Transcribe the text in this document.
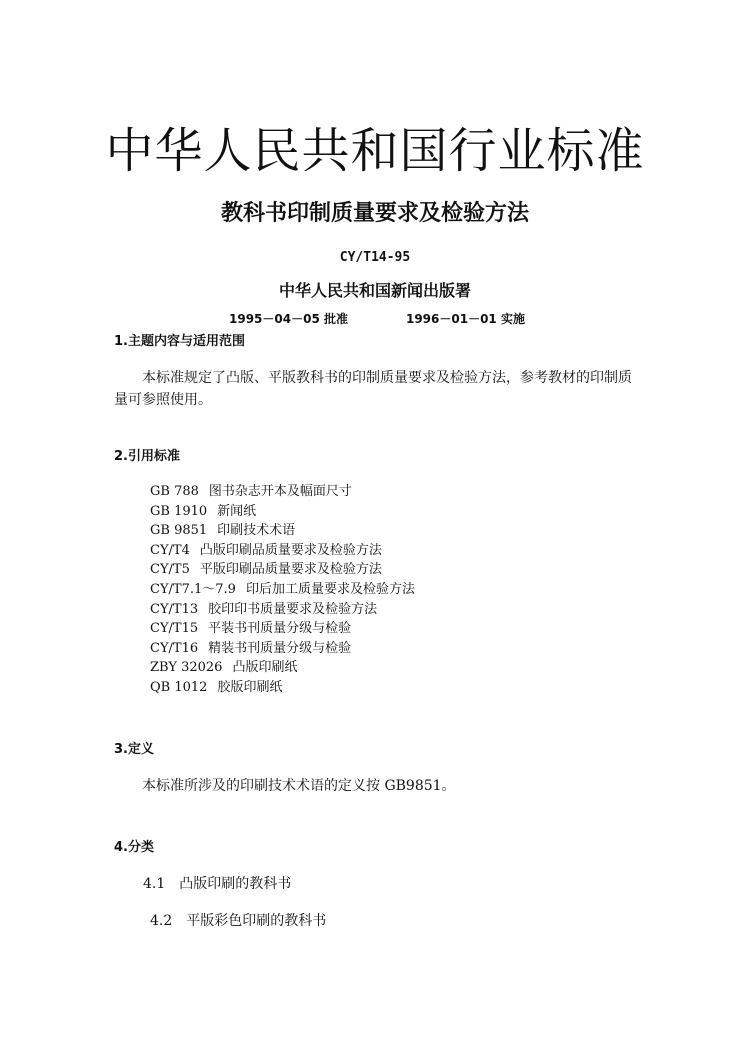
中华人民共和国行业标准
教科书印制质量要求及检验方法
CY/T14-95
中华人民共和国新闻出版署
1995－04－05 批准	1996－01－01 实施
1.主题内容与适用范围
本标准规定了凸版、平版教科书的印制质量要求及检验方法，参考教材的印制质量可参照使用。
2.引用标准
GB 788 图书杂志开本及幅面尺寸
GB 1910 新闻纸
GB 9851 印刷技术术语
CY/T4 凸版印刷品质量要求及检验方法
CY/T5 平版印刷品质量要求及检验方法
CY/T7.1～7.9 印后加工质量要求及检验方法
CY/T13 胶印印书质量要求及检验方法
CY/T15 平装书刊质量分级与检验
CY/T16 精装书刊质量分级与检验
ZBY 32026 凸版印刷纸
QB 1012 胶版印刷纸
3.定义
本标准所涉及的印刷技术术语的定义按 GB9851。
4.分类
4.1　凸版印刷的教科书
4.2　平版彩色印刷的教科书
